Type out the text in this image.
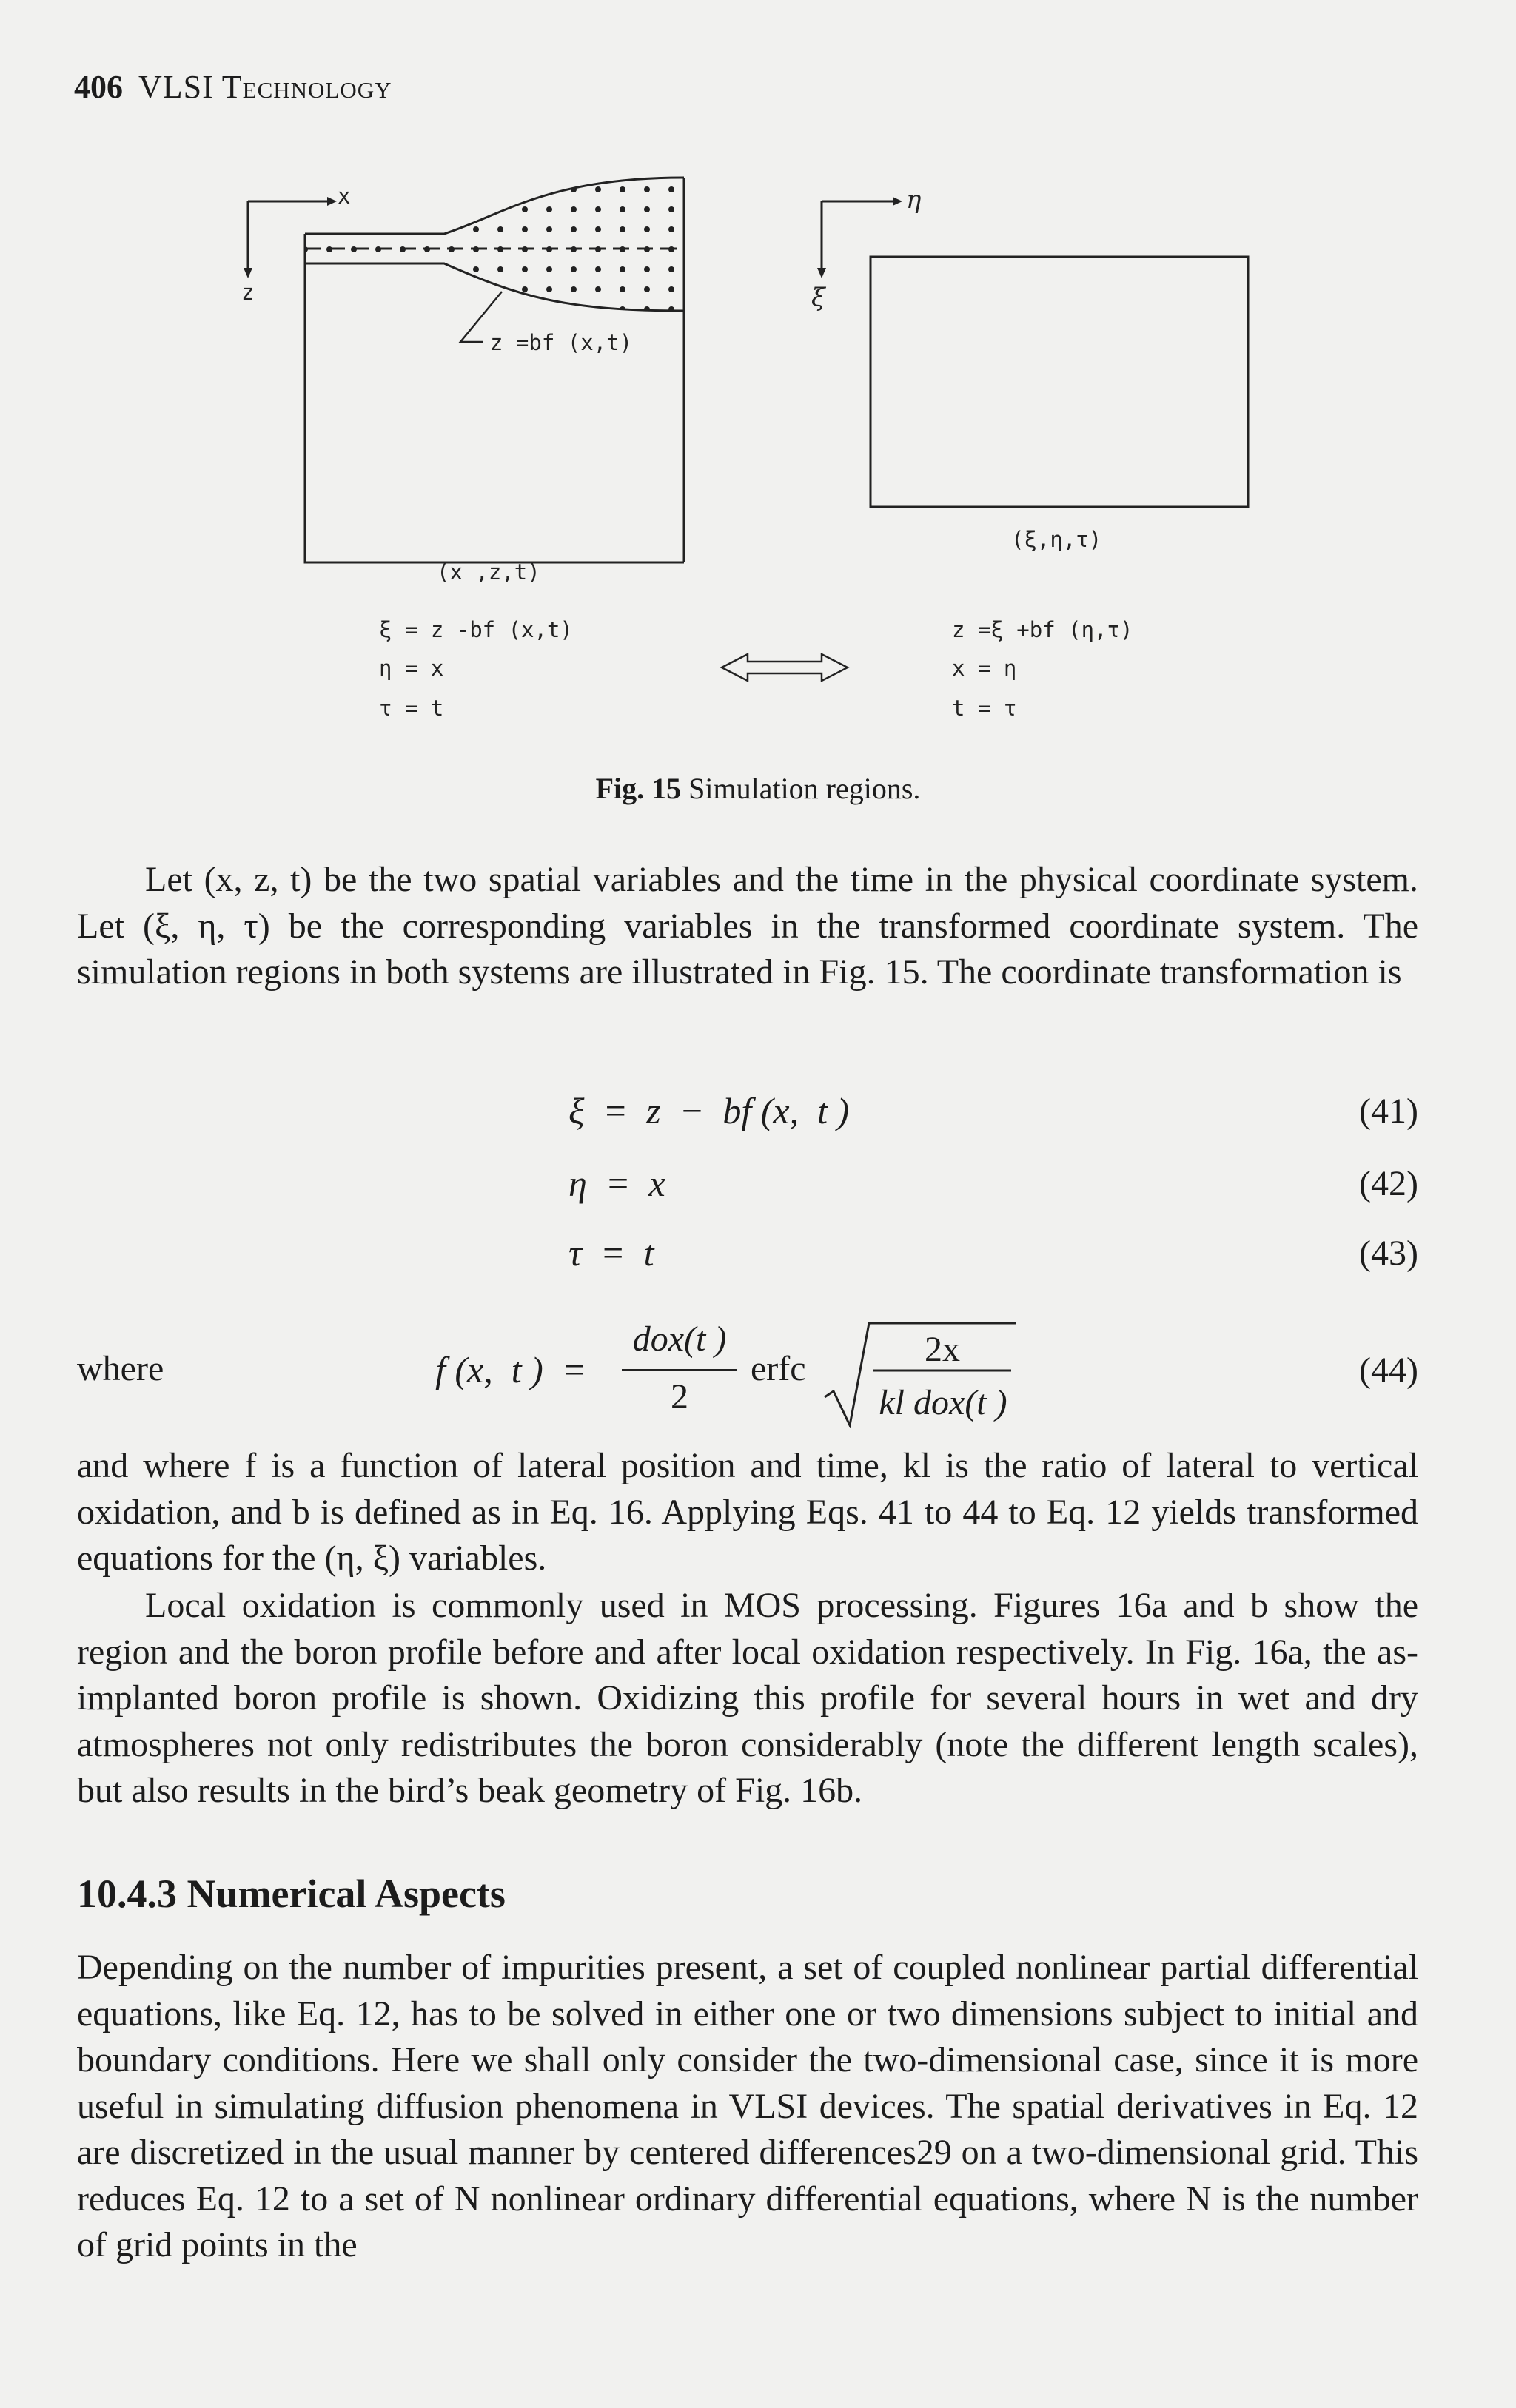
406 VLSI Technology
x
z
z =bf (x,t)
(x ,z,t)
η
ξ
(ξ,η,τ)
ξ = z -bf (x,t)
η = x
τ = t
z =ξ +bf (η,τ)
x = η
t = τ
Fig. 15 Simulation regions.
Let (x, z, t) be the two spatial variables and the time in the physical coordinate system. Let (ξ, η, τ) be the corresponding variables in the transformed coordinate system. The simulation regions in both systems are illustrated in Fig. 15. The coordinate transformation is
ξ  =  z  −  bf (x,  t )	(41)
η  =  x	(42)
τ  =  t	(43)
where	f (x,  t )  =
dox(t )
2
erfc	2x
kl dox(t )
(44)
and where f is a function of lateral position and time, kl is the ratio of lateral to vertical oxidation, and b is defined as in Eq. 16. Applying Eqs. 41 to 44 to Eq. 12 yields transformed equations for the (η, ξ) variables.
Local oxidation is commonly used in MOS processing. Figures 16a and b show the region and the boron profile before and after local oxidation respectively. In Fig. 16a, the as-implanted boron profile is shown. Oxidizing this profile for several hours in wet and dry atmospheres not only redistributes the boron considerably (note the different length scales), but also results in the bird’s beak geometry of Fig. 16b.
10.4.3 Numerical Aspects
Depending on the number of impurities present, a set of coupled nonlinear partial differential equations, like Eq. 12, has to be solved in either one or two dimensions subject to initial and boundary conditions. Here we shall only consider the two-dimensional case, since it is more useful in simulating diffusion phenomena in VLSI devices. The spatial derivatives in Eq. 12 are discretized in the usual manner by centered differences29 on a two-dimensional grid. This reduces Eq. 12 to a set of N nonlinear ordinary differential equations, where N is the number of grid points in the
